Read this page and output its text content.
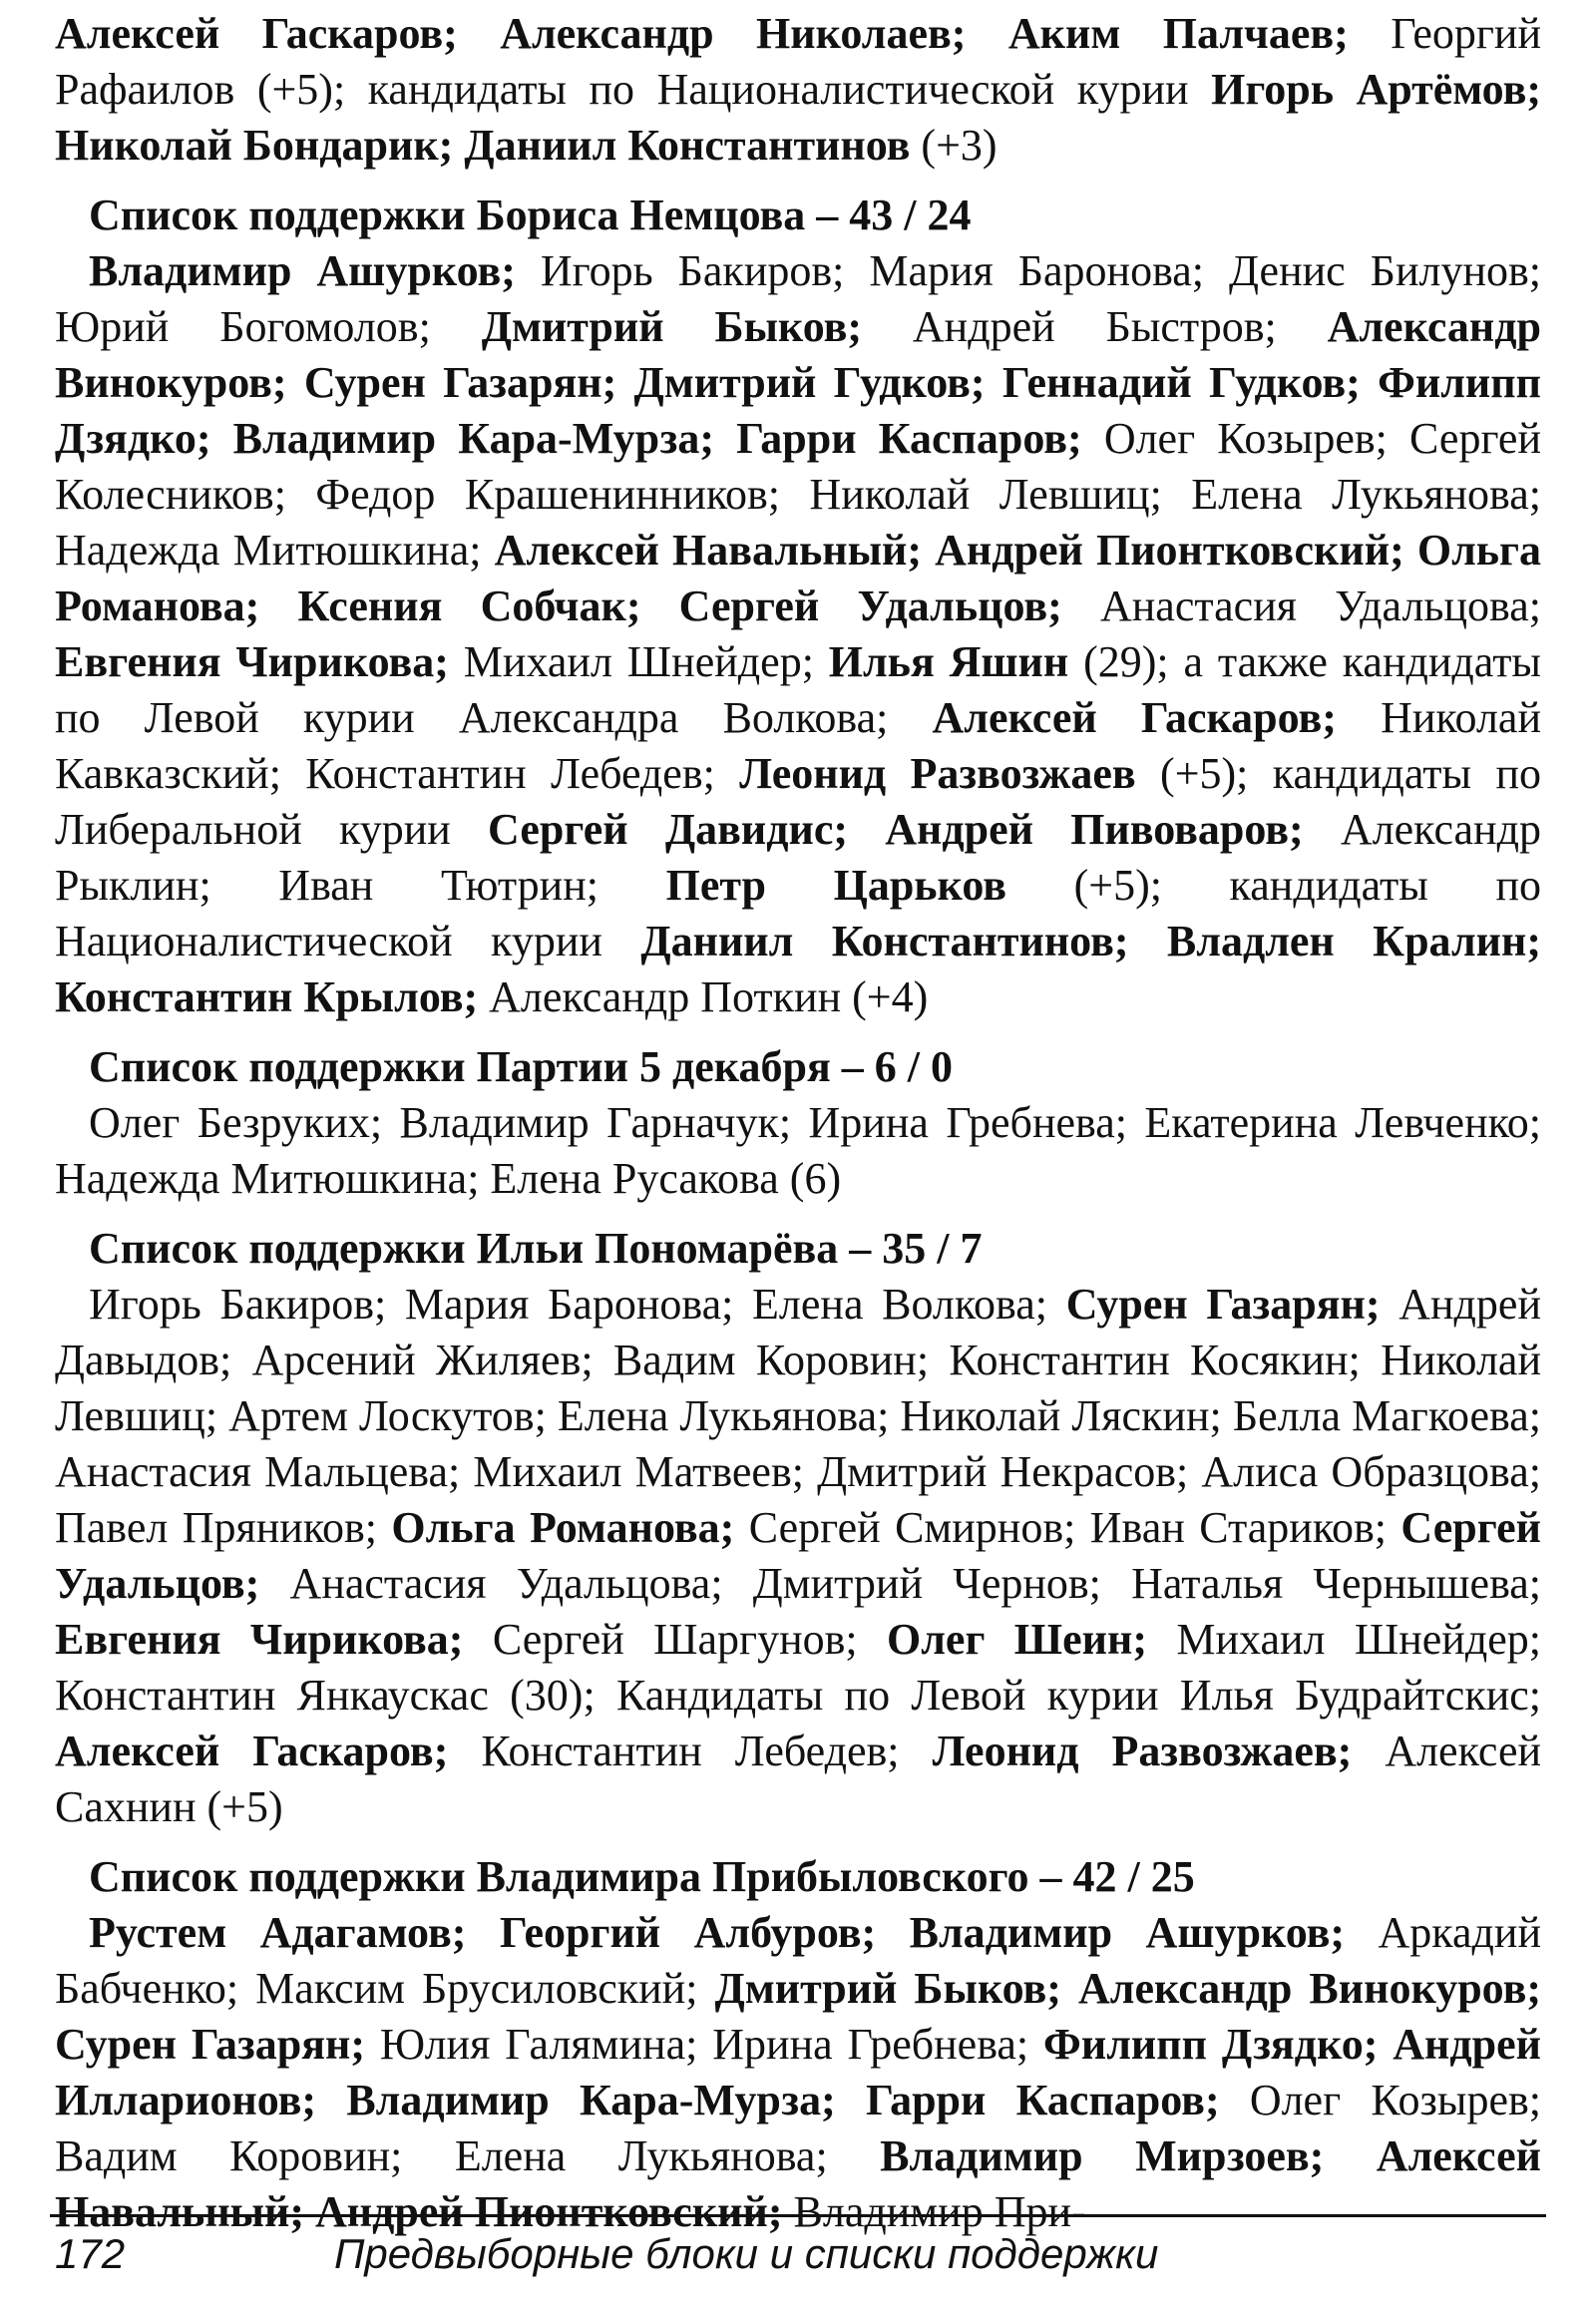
Алексей Гаскаров; Александр Николаев; Аким Палчаев; Георгий Рафаилов (+5); кандидаты по Националистической курии Игорь Артёмов; Николай Бондарик; Даниил Константинов (+3)

Список поддержки Бориса Немцова – 43 / 24

Владимир Ашурков; Игорь Бакиров; Мария Баронова; Денис Билунов; Юрий Богомолов; Дмитрий Быков; Андрей Быстров; Александр Винокуров; Сурен Газарян; Дмитрий Гудков; Геннадий Гудков; Филипп Дзядко; Владимир Кара-Мурза; Гарри Каспаров; Олег Козырев; Сергей Колесников; Федор Крашенинников; Николай Левшиц; Елена Лукьянова; Надежда Митюшкина; Алексей Навальный; Андрей Пионтковский; Ольга Романова; Ксения Собчак; Сергей Удальцов; Анастасия Удальцова; Евгения Чирикова; Михаил Шнейдер; Илья Яшин (29); а также кандидаты по Левой курии Александра Волкова; Алексей Гаскаров; Николай Кавказский; Константин Лебедев; Леонид Развозжаев (+5); кандидаты по Либеральной курии Сергей Давидис; Андрей Пивоваров; Александр Рыклин; Иван Тютрин; Петр Царьков (+5); кандидаты по Националистической курии Даниил Константинов; Владлен Кралин; Константин Крылов; Александр Поткин (+4)

Список поддержки Партии 5 декабря – 6 / 0

Олег Безруких; Владимир Гарначук; Ирина Гребнева; Екатерина Левченко; Надежда Митюшкина; Елена Русакова (6)

Список поддержки Ильи Пономарёва – 35 / 7

Игорь Бакиров; Мария Баронова; Елена Волкова; Сурен Газарян; Андрей Давыдов; Арсений Жиляев; Вадим Коровин; Константин Косякин; Николай Левшиц; Артем Лоскутов; Елена Лукьянова; Николай Ляскин; Белла Магкоева; Анастасия Мальцева; Михаил Матвеев; Дмитрий Некрасов; Алиса Образцова; Павел Пряников; Ольга Романова; Сергей Смирнов; Иван Стариков; Сергей Удальцов; Анастасия Удальцова; Дмитрий Чернов; Наталья Чернышева; Евгения Чирикова; Сергей Шаргунов; Олег Шеин; Михаил Шнейдер; Константин Янкаускас (30); Кандидаты по Левой курии Илья Будрайтскис; Алексей Гаскаров; Константин Лебедев; Леонид Развозжаев; Алексей Сахнин (+5)

Список поддержки Владимира Прибыловского – 42 / 25

Рустем Адагамов; Георгий Албуров; Владимир Ашурков; Аркадий Бабченко; Максим Брусиловский; Дмитрий Быков; Александр Винокуров; Сурен Газарян; Юлия Галямина; Ирина Гребнева; Филипп Дзядко; Андрей Илларионов; Владимир Кара-Мурза; Гарри Каспаров; Олег Козырев; Вадим Коровин; Елена Лукьянова; Владимир Мирзоев; Алексей Навальный; Андрей Пионтковский; Владимир При-

172	Предвыборные блоки и списки поддержки
